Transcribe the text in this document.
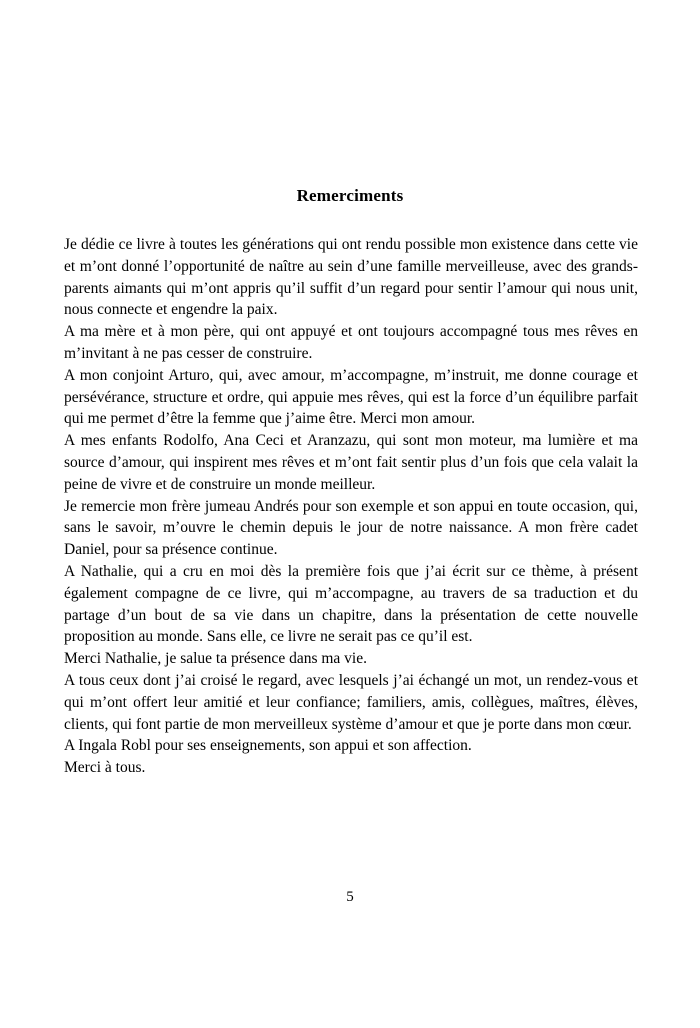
Remerciments

Je dédie ce livre à toutes les générations qui ont rendu possible mon existence dans cette vie et m’ont donné l’opportunité de naître au sein d’une famille merveilleuse, avec des grands-parents aimants qui m’ont appris qu’il suffit d’un regard pour sentir l’amour qui nous unit, nous connecte et engendre la paix.

A ma mère et à mon père, qui ont appuyé et ont toujours accompagné tous mes rêves en m’invitant à ne pas cesser de construire.

A mon conjoint Arturo, qui, avec amour, m’accompagne, m’instruit, me donne courage et persévérance, structure et ordre, qui appuie mes rêves, qui est la force d’un équilibre parfait qui me permet d’être la femme que j’aime être. Merci mon amour.

A mes enfants Rodolfo, Ana Ceci et Aranzazu, qui sont mon moteur, ma lumière et ma source d’amour, qui inspirent mes rêves et m’ont fait sentir plus d’un fois que cela valait la peine de vivre et de construire un monde meilleur.

Je remercie mon frère jumeau Andrés pour son exemple et son appui en toute occasion, qui, sans le savoir, m’ouvre le chemin depuis le jour de notre naissance. A mon frère cadet Daniel, pour sa présence continue.

A Nathalie, qui a cru en moi dès la première fois que j’ai écrit sur ce thème, à présent également compagne de ce livre, qui m’accompagne, au travers de sa traduction et du partage d’un bout de sa vie dans un chapitre, dans la présentation de cette nouvelle proposition au monde. Sans elle, ce livre ne serait pas ce qu’il est.

Merci Nathalie, je salue ta présence dans ma vie.

A tous ceux dont j’ai croisé le regard, avec lesquels j’ai échangé un mot, un rendez-vous et qui m’ont offert leur amitié et leur confiance; familiers, amis, collègues, maîtres, élèves, clients, qui font partie de mon merveilleux système d’amour et que je porte dans mon cœur.

A Ingala Robl pour ses enseignements, son appui et son affection.

Merci à tous.

5
